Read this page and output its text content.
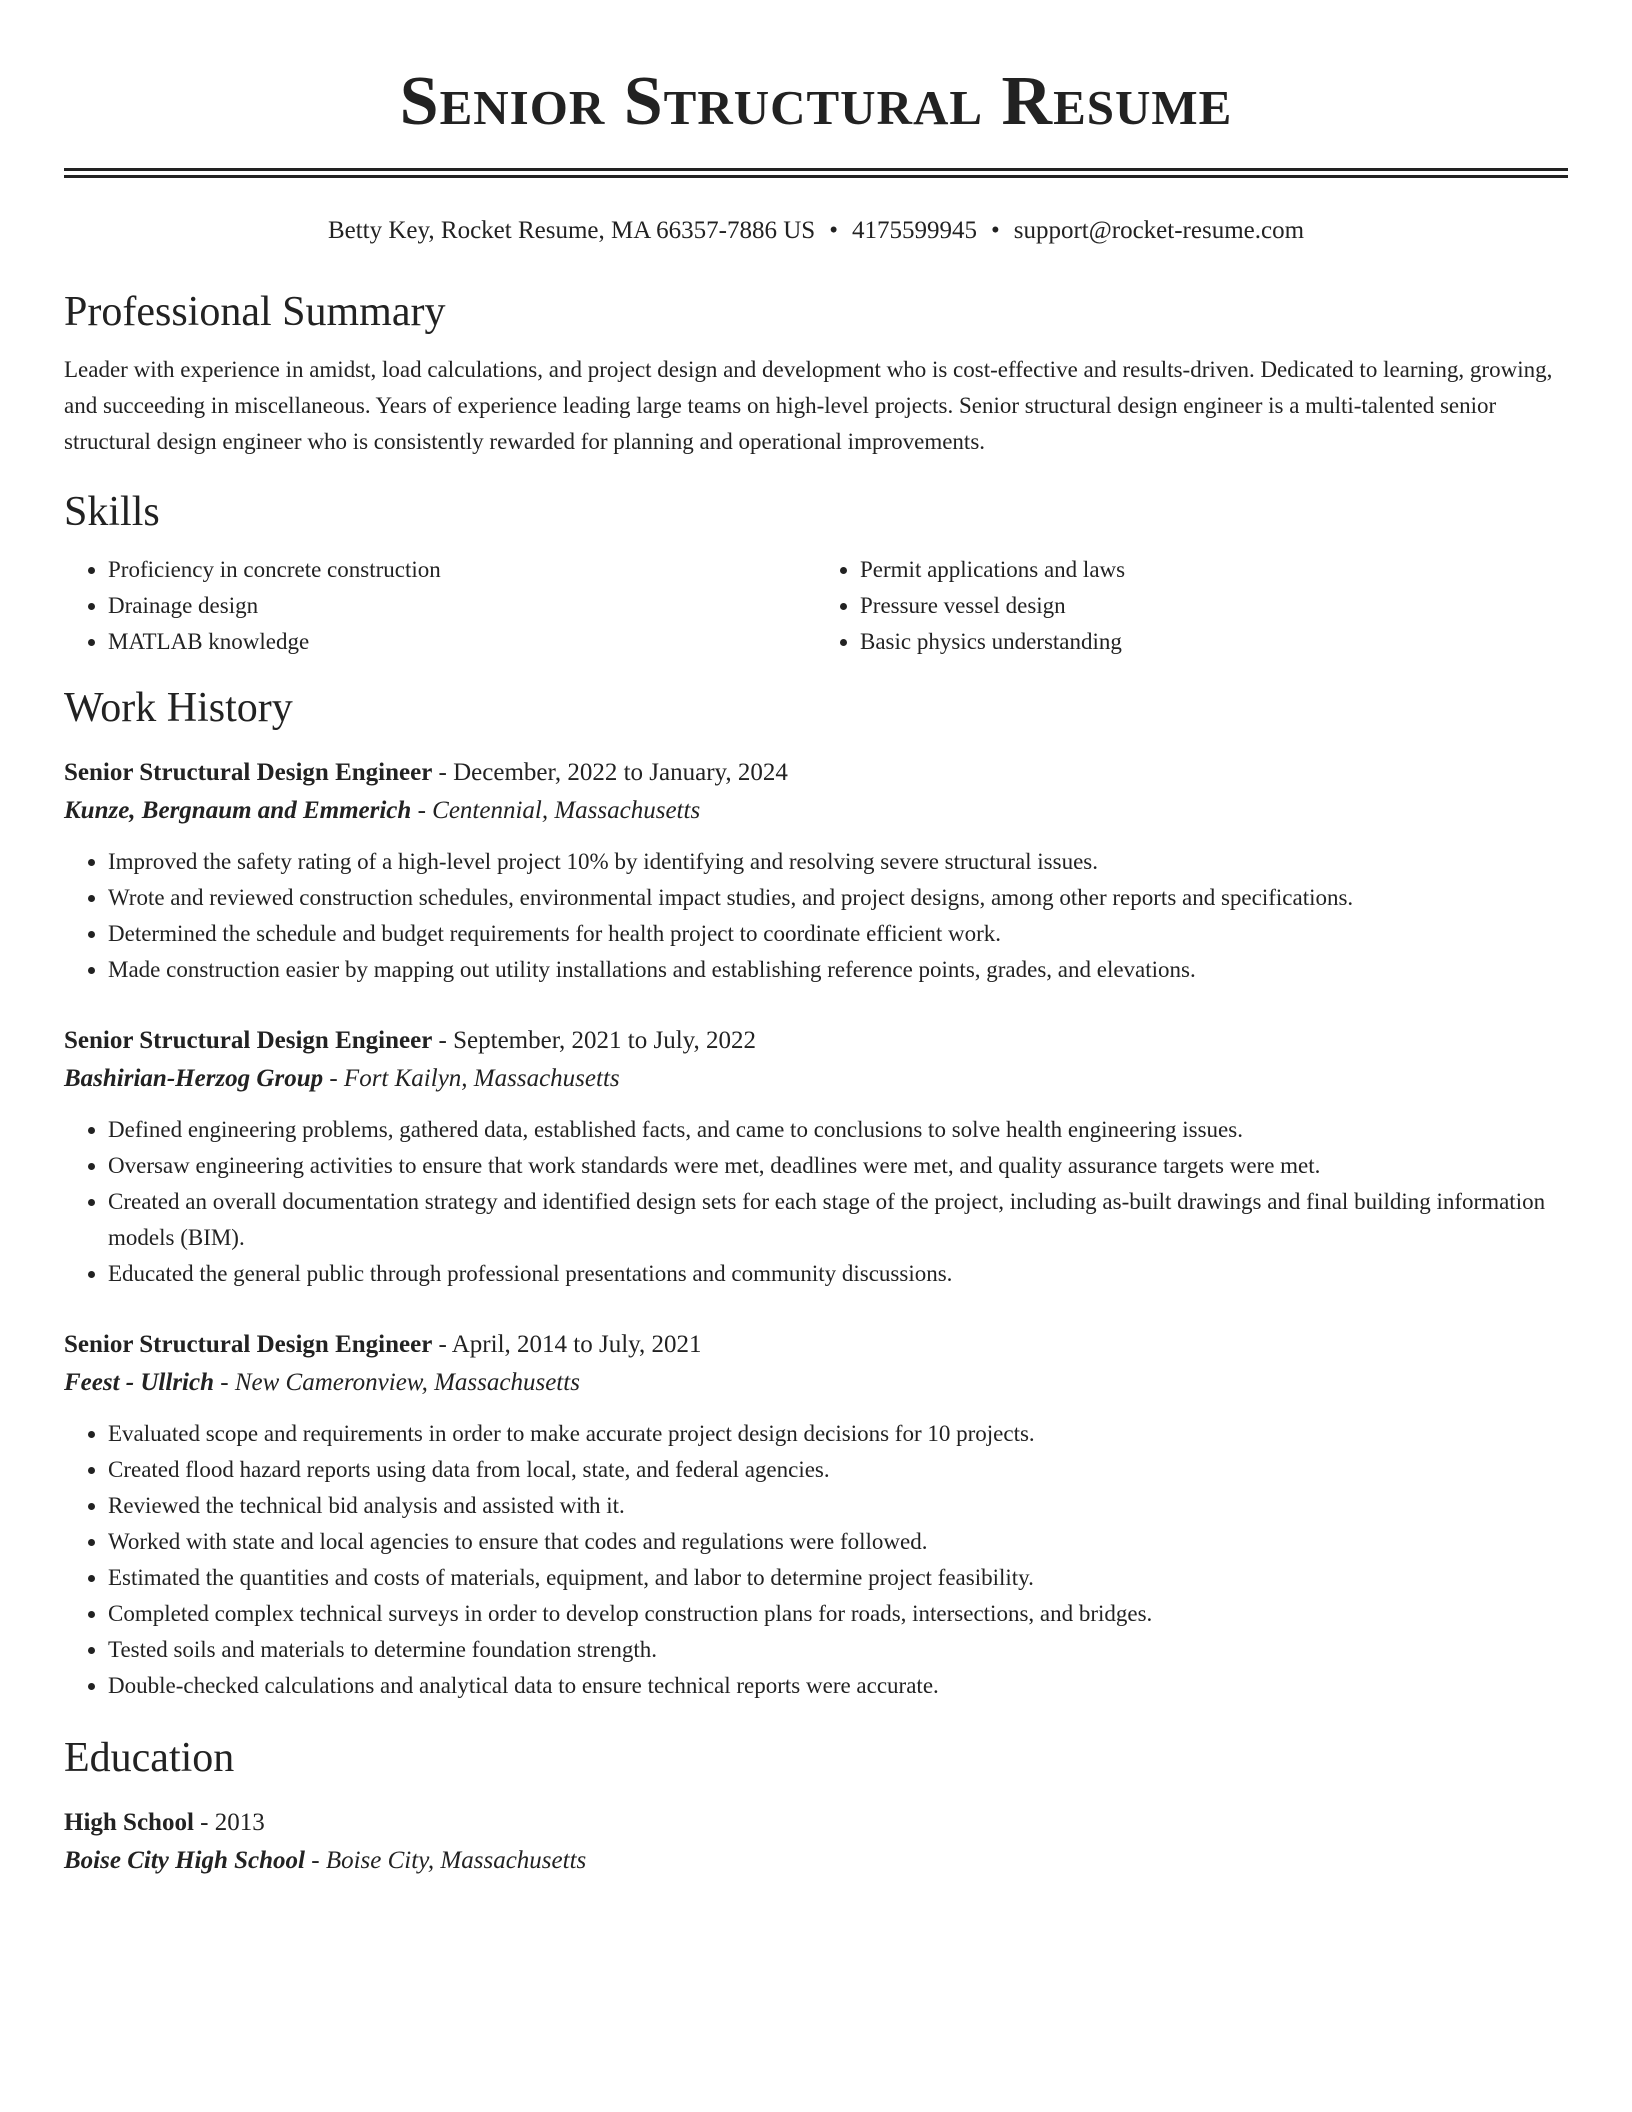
Senior Structural Resume
Betty Key, Rocket Resume, MA 66357-7886 US • 4175599945 • support@rocket-resume.com
Professional Summary

Leader with experience in amidst, load calculations, and project design and development who is cost-effective and results-driven. Dedicated to learning, growing, and succeeding in miscellaneous. Years of experience leading large teams on high-level projects. Senior structural design engineer is a multi-talented senior structural design engineer who is consistently rewarded for planning and operational improvements.

Skills
• Proficiency in concrete construction
• Drainage design
• MATLAB knowledge
• Permit applications and laws
• Pressure vessel design
• Basic physics understanding
Work History
Senior Structural Design Engineer - December, 2022 to January, 2024
Kunze, Bergnaum and Emmerich - Centennial, Massachusetts
• Improved the safety rating of a high-level project 10% by identifying and resolving severe structural issues.
• Wrote and reviewed construction schedules, environmental impact studies, and project designs, among other reports and specifications.
• Determined the schedule and budget requirements for health project to coordinate efficient work.
• Made construction easier by mapping out utility installations and establishing reference points, grades, and elevations.
Senior Structural Design Engineer - September, 2021 to July, 2022
Bashirian-Herzog Group - Fort Kailyn, Massachusetts
• Defined engineering problems, gathered data, established facts, and came to conclusions to solve health engineering issues.
• Oversaw engineering activities to ensure that work standards were met, deadlines were met, and quality assurance targets were met.
• Created an overall documentation strategy and identified design sets for each stage of the project, including as-built drawings and final building information models (BIM).
• Educated the general public through professional presentations and community discussions.
Senior Structural Design Engineer - April, 2014 to July, 2021
Feest - Ullrich - New Cameronview, Massachusetts
• Evaluated scope and requirements in order to make accurate project design decisions for 10 projects.
• Created flood hazard reports using data from local, state, and federal agencies.
• Reviewed the technical bid analysis and assisted with it.
• Worked with state and local agencies to ensure that codes and regulations were followed.
• Estimated the quantities and costs of materials, equipment, and labor to determine project feasibility.
• Completed complex technical surveys in order to develop construction plans for roads, intersections, and bridges.
• Tested soils and materials to determine foundation strength.
• Double-checked calculations and analytical data to ensure technical reports were accurate.
Education
High School - 2013
Boise City High School - Boise City, Massachusetts
